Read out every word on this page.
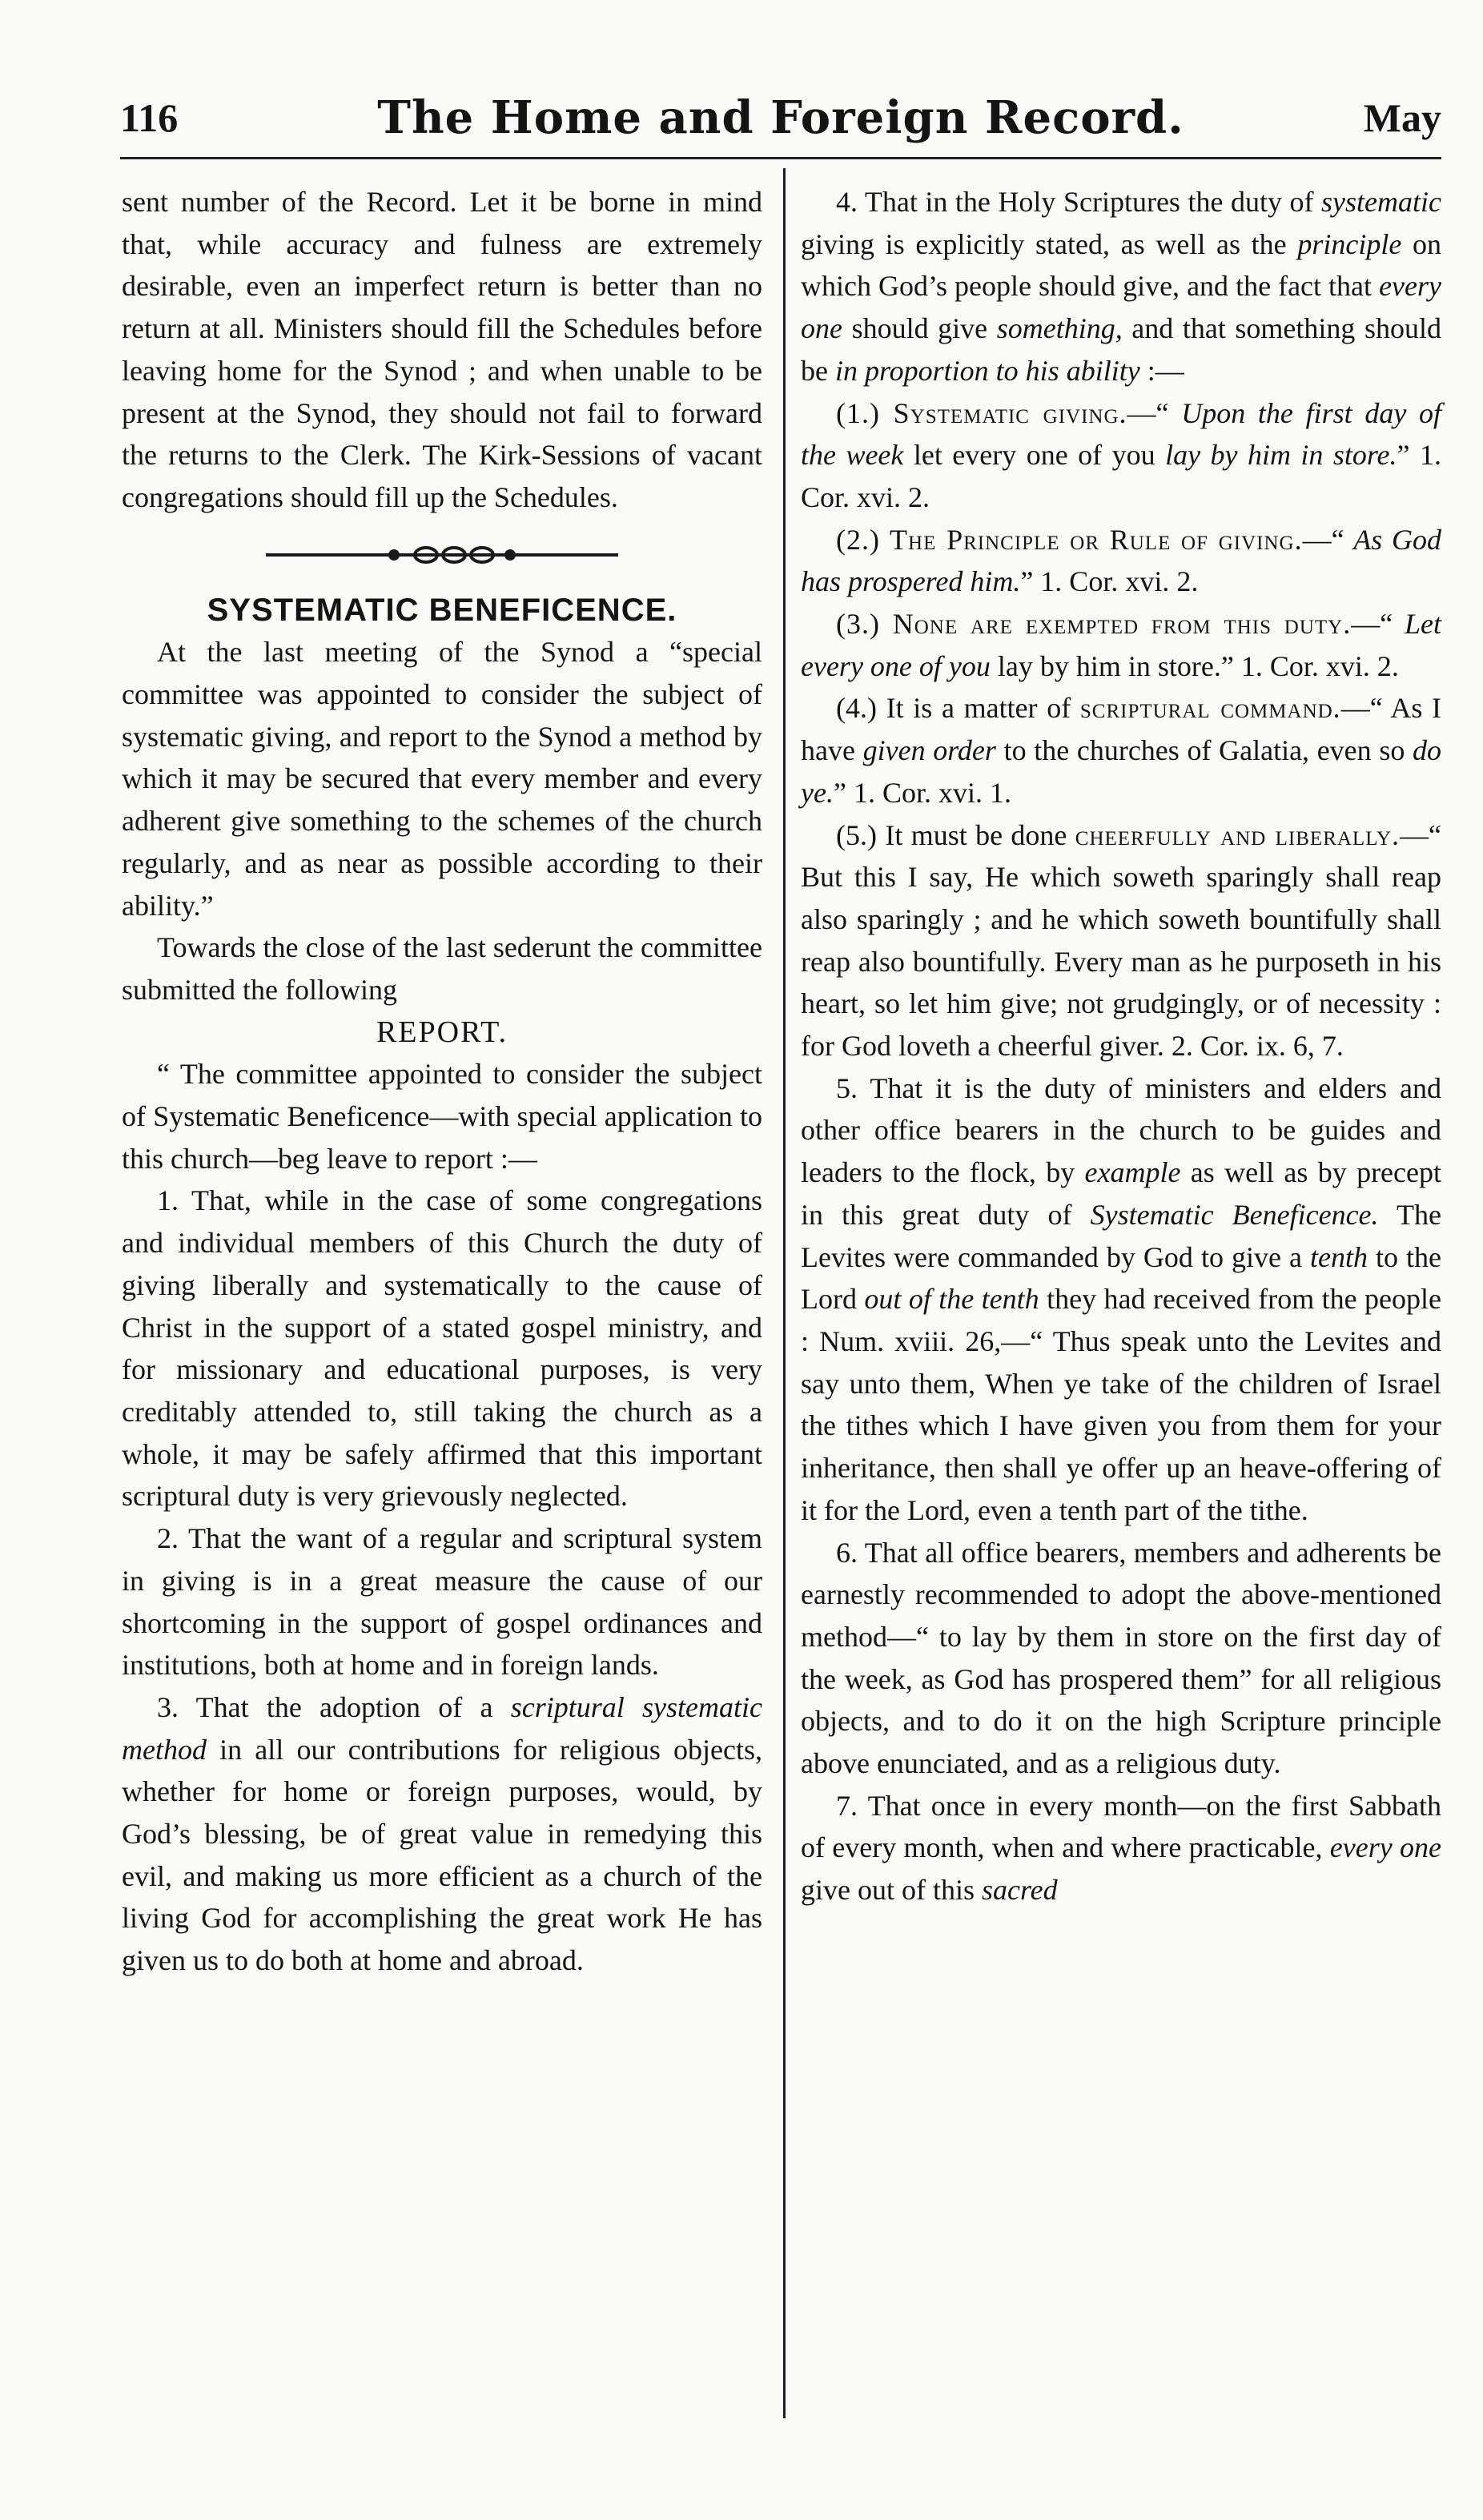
116	The Home and Foreign Record.	May

sent number of the Record. Let it be borne in mind that, while accuracy and fulness are extremely desirable, even an imperfect return is better than no return at all. Ministers should fill the Schedules before leaving home for the Synod ; and when unable to be present at the Synod, they should not fail to forward the returns to the Clerk. The Kirk-Sessions of vacant congregations should fill up the Schedules.

SYSTEMATIC BENEFICENCE.

At the last meeting of the Synod a “special committee was appointed to consider the subject of systematic giving, and report to the Synod a method by which it may be secured that every member and every adherent give something to the schemes of the church regularly, and as near as possible according to their ability.”

Towards the close of the last sederunt the committee submitted the following

REPORT.

“ The committee appointed to consider the subject of Systematic Beneficence—with special application to this church—beg leave to report :—

1. That, while in the case of some congregations and individual members of this Church the duty of giving liberally and systematically to the cause of Christ in the support of a stated gospel ministry, and for missionary and educational purposes, is very creditably attended to, still taking the church as a whole, it may be safely affirmed that this important scriptural duty is very grievously neglected.

2. That the want of a regular and scriptural system in giving is in a great measure the cause of our shortcoming in the support of gospel ordinances and institutions, both at home and in foreign lands.

3. That the adoption of a scriptural systematic method in all our contributions for religious objects, whether for home or foreign purposes, would, by God’s blessing, be of great value in remedying this evil, and making us more efficient as a church of the living God for accomplishing the great work He has given us to do both at home and abroad.

4. That in the Holy Scriptures the duty of systematic giving is explicitly stated, as well as the principle on which God’s people should give, and the fact that every one should give something, and that something should be in proportion to his ability :—

(1.) Systematic giving.—“ Upon the first day of the week let every one of you lay by him in store.” 1. Cor. xvi. 2.

(2.) The Principle or Rule of giving.—“ As God has prospered him.” 1. Cor. xvi. 2.

(3.) None are exempted from this duty.—“ Let every one of you lay by him in store.” 1. Cor. xvi. 2.

(4.) It is a matter of scriptural command.—“ As I have given order to the churches of Galatia, even so do ye.” 1. Cor. xvi. 1.

(5.) It must be done cheerfully and liberally.—“ But this I say, He which soweth sparingly shall reap also sparingly ; and he which soweth bountifully shall reap also bountifully. Every man as he purposeth in his heart, so let him give; not grudgingly, or of necessity : for God loveth a cheerful giver. 2. Cor. ix. 6, 7.

5. That it is the duty of ministers and elders and other office bearers in the church to be guides and leaders to the flock, by example as well as by precept in this great duty of Systematic Beneficence. The Levites were commanded by God to give a tenth to the Lord out of the tenth they had received from the people : Num. xviii. 26,—“ Thus speak unto the Levites and say unto them, When ye take of the children of Israel the tithes which I have given you from them for your inheritance, then shall ye offer up an heave-offering of it for the Lord, even a tenth part of the tithe.

6. That all office bearers, members and adherents be earnestly recommended to adopt the above-mentioned method—“ to lay by them in store on the first day of the week, as God has prospered them” for all religious objects, and to do it on the high Scripture principle above enunciated, and as a religious duty.

7. That once in every month—on the first Sabbath of every month, when and where practicable, every one give out of this sacred
